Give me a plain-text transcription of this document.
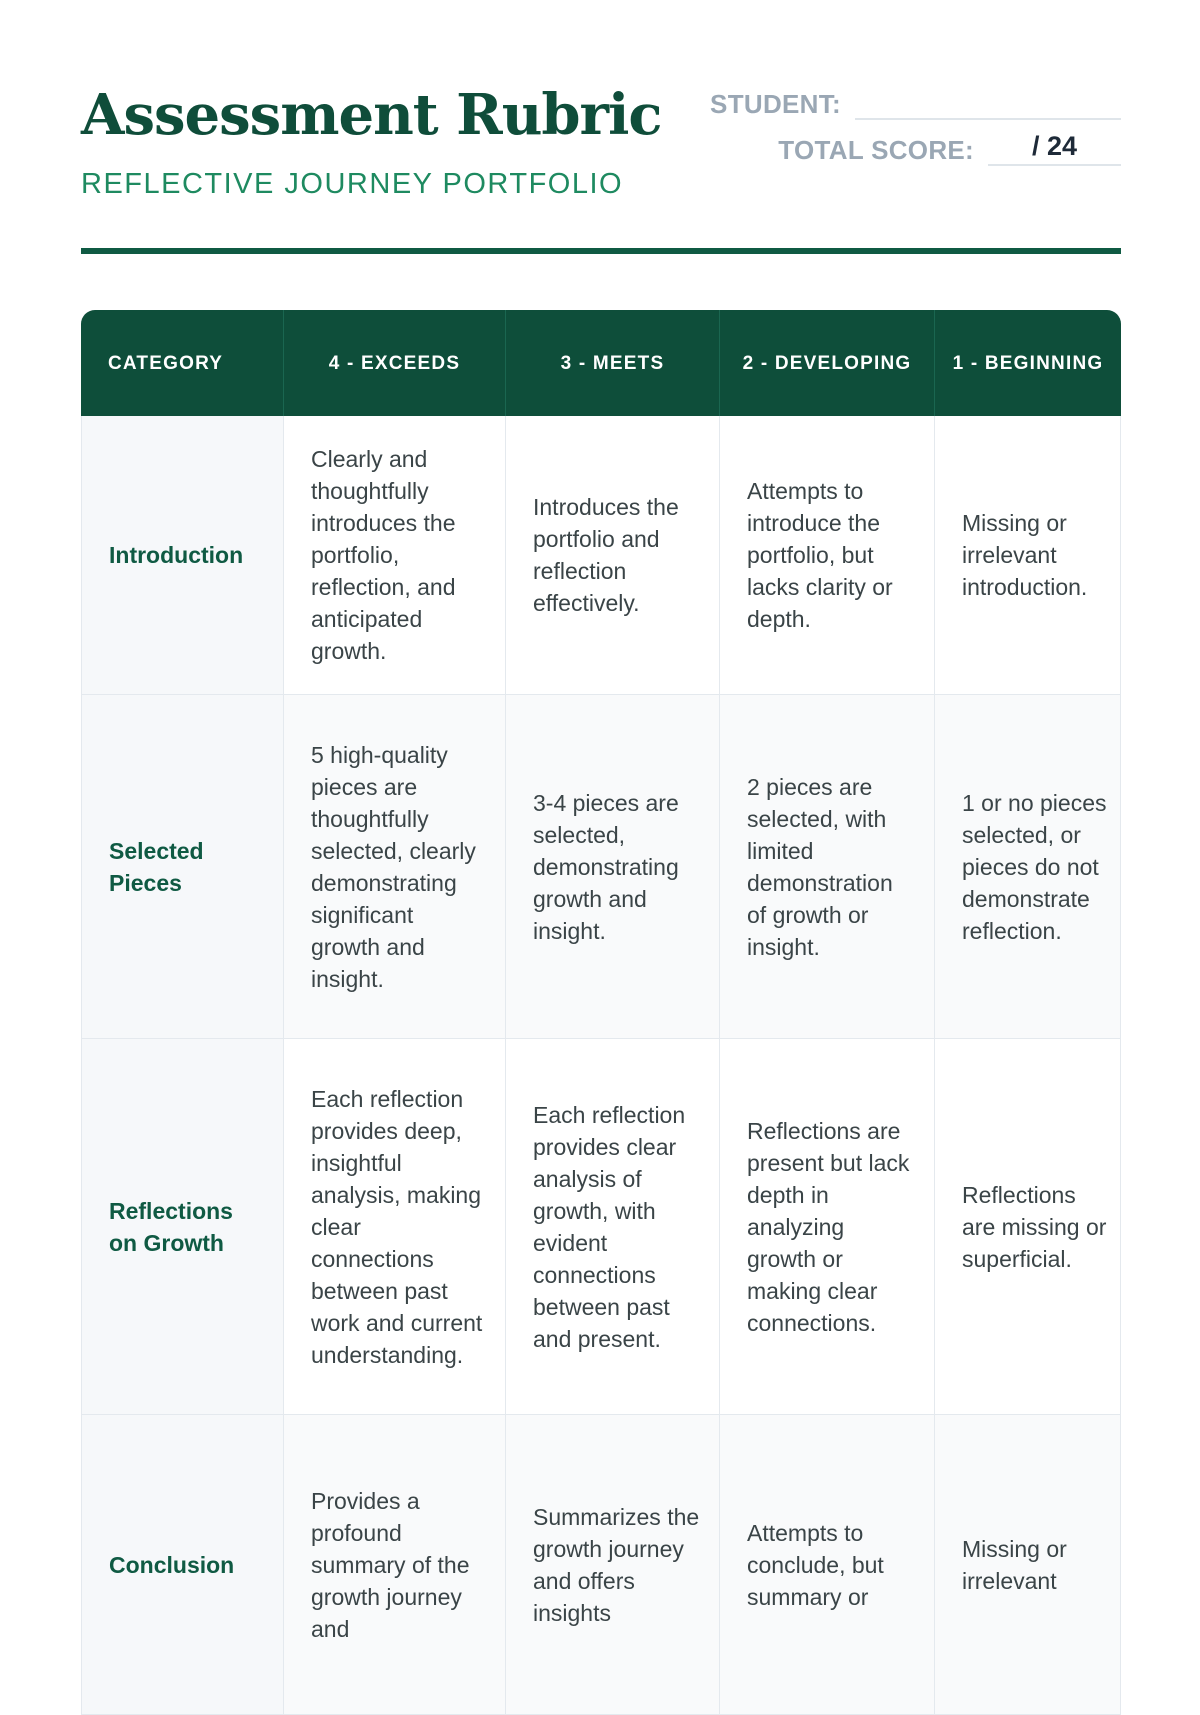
Assessment Rubric
REFLECTIVE JOURNEY PORTFOLIO
STUDENT:
TOTAL SCORE:	/ 24
CATEGORY	4 - EXCEEDS	3 - MEETS	2 - DEVELOPING	1 - BEGINNING
Introduction	Clearly and thoughtfully introduces the portfolio, reflection, and anticipated growth.	Introduces the portfolio and reflection effectively.	Attempts to introduce the portfolio, but lacks clarity or depth.	Missing or irrelevant introduction.
Selected Pieces	5 high-quality pieces are thoughtfully selected, clearly demonstrating significant growth and insight.	3-4 pieces are selected, demonstrating growth and insight.	2 pieces are selected, with limited demonstration of growth or insight.	1 or no pieces selected, or pieces do not demonstrate reflection.
Reflections on Growth	Each reflection provides deep, insightful analysis, making clear connections between past work and current understanding.	Each reflection provides clear analysis of growth, with evident connections between past and present.	Reflections are present but lack depth in analyzing growth or making clear connections.	Reflections are missing or superficial.
Conclusion	Provides a profound summary of the growth journey and	Summarizes the growth journey and offers insights	Attempts to conclude, but summary or	Missing or irrelevant
